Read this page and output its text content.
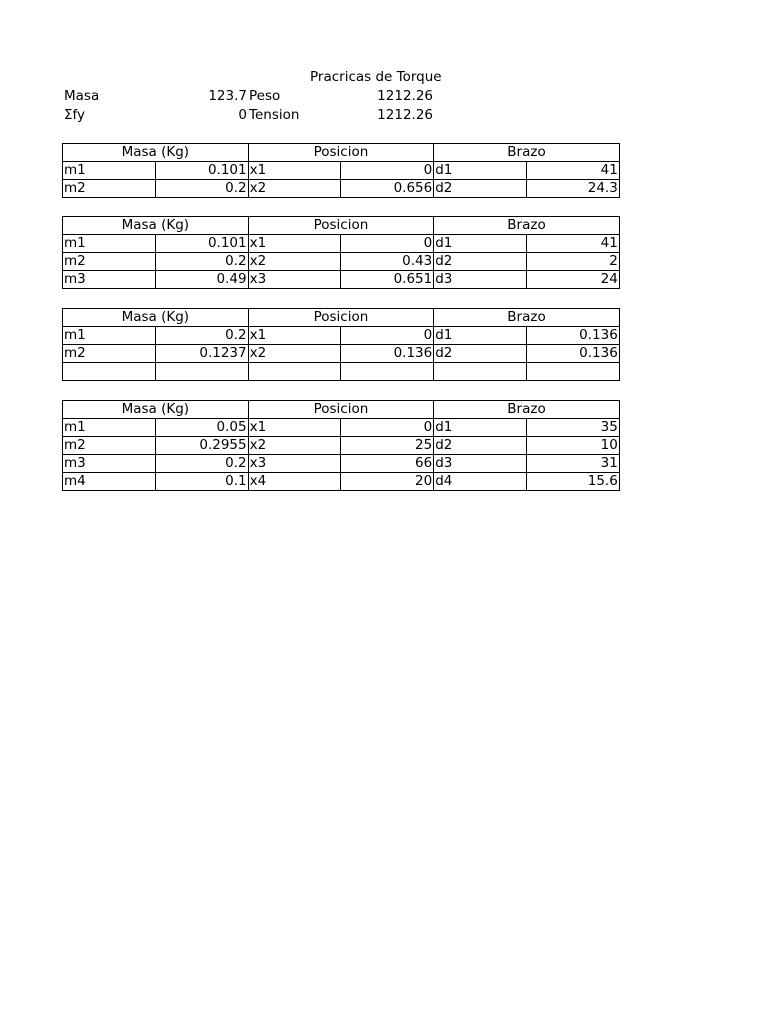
Pracricas de Torque
Masa	123.7 Peso	1212.26
Σfy	0 Tension	1212.26
Masa (Kg)		Posicion		Brazo	
m1	0.101	x1	0	d1	41
m2	0.2	x2	0.656	d2	24.3
Masa (Kg)		Posicion		Brazo	
m1	0.101	x1	0	d1	41
m2	0.2	x2	0.43	d2	2
m3	0.49	x3	0.651	d3	24
Masa (Kg)		Posicion		Brazo	
m1	0.2	x1	0	d1	0.136
m2	0.1237	x2	0.136	d2	0.136

Masa (Kg)		Posicion		Brazo	
m1	0.05	x1	0	d1	35
m2	0.2955	x2	25	d2	10
m3	0.2	x3	66	d3	31
m4	0.1	x4	20	d4	15.6
